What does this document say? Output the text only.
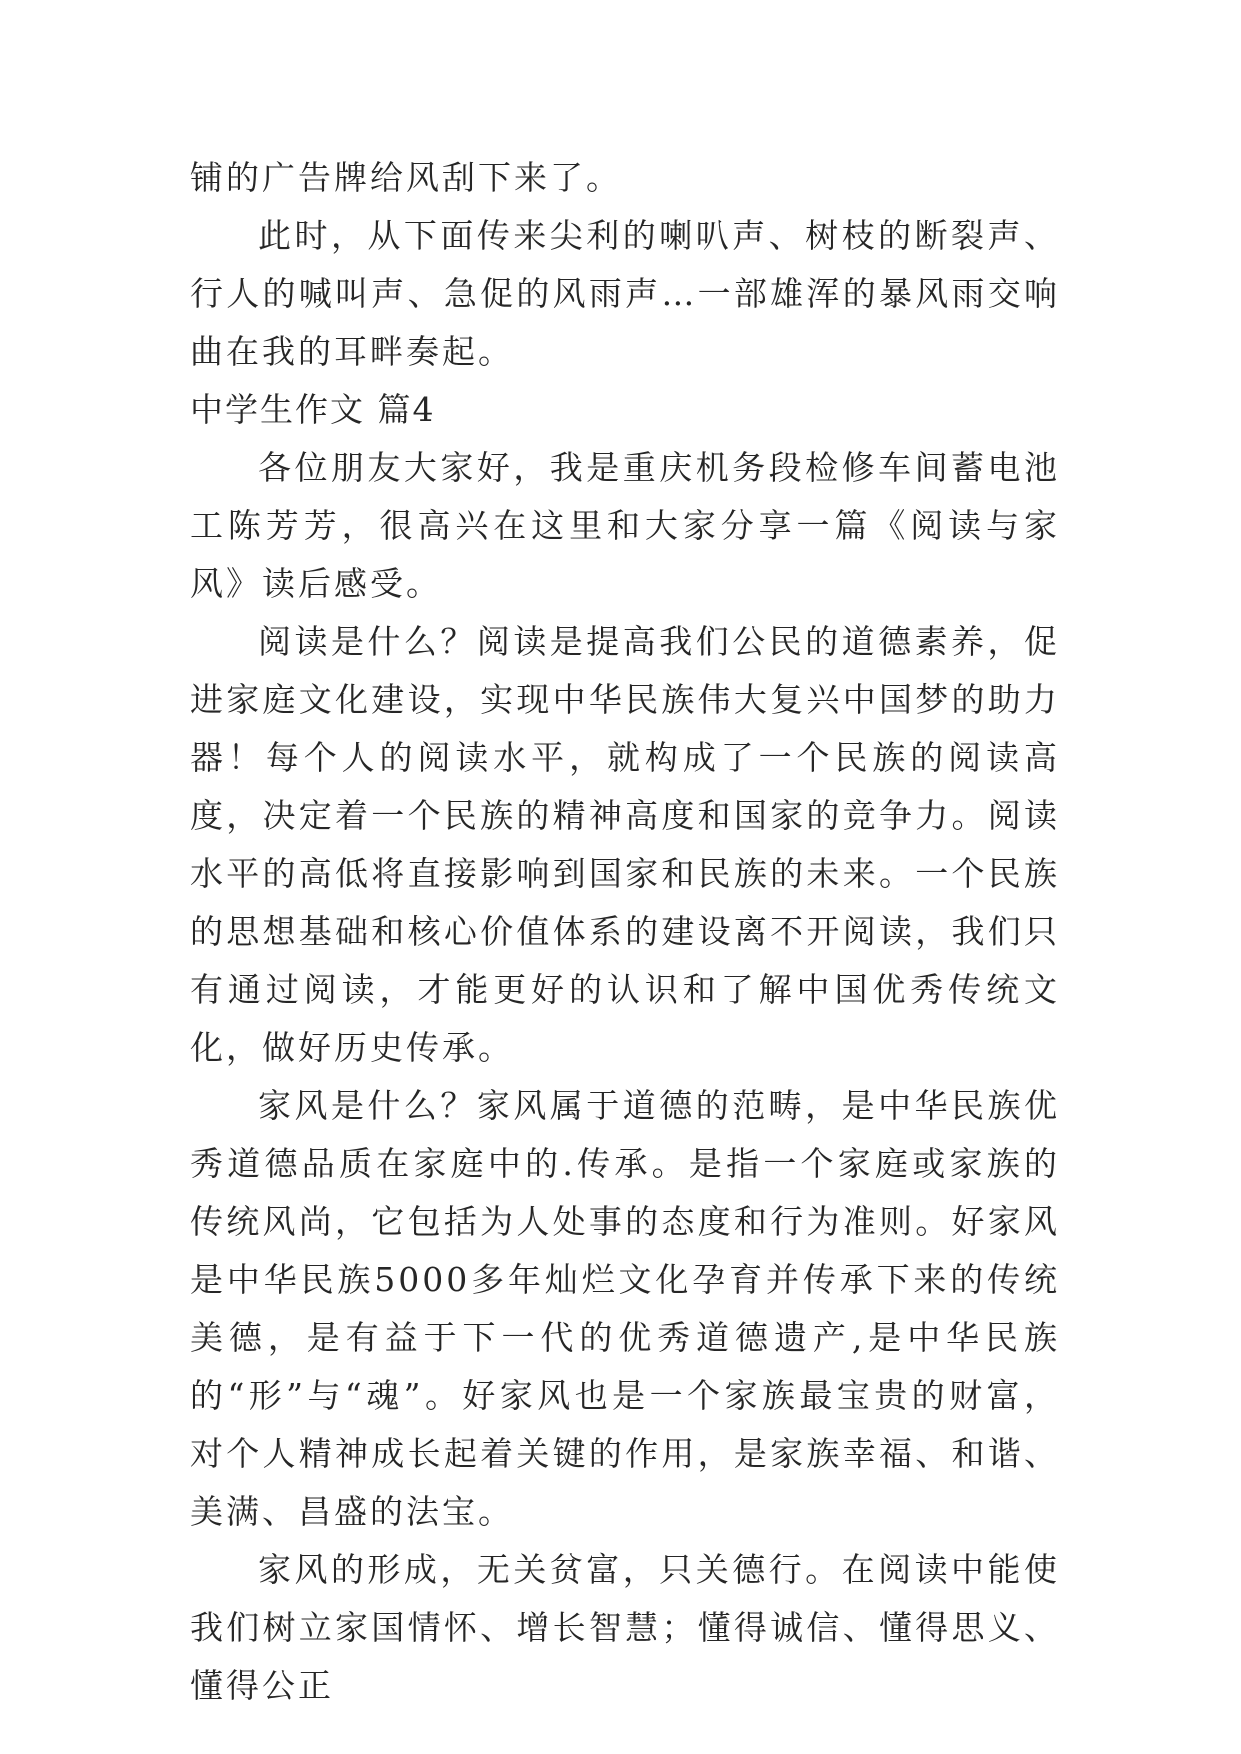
铺的广告牌给风刮下来了。

此时，从下面传来尖利的喇叭声、树枝的断裂声、行人的喊叫声、急促的风雨声…一部雄浑的暴风雨交响曲在我的耳畔奏起。

中学生作文 篇4

各位朋友大家好，我是重庆机务段检修车间蓄电池工陈芳芳，很高兴在这里和大家分享一篇《阅读与家风》读后感受。

阅读是什么？阅读是提高我们公民的道德素养，促进家庭文化建设，实现中华民族伟大复兴中国梦的助力器！每个人的阅读水平，就构成了一个民族的阅读高度，决定着一个民族的精神高度和国家的竞争力。阅读水平的高低将直接影响到国家和民族的未来。一个民族的思想基础和核心价值体系的建设离不开阅读，我们只有通过阅读，才能更好的认识和了解中国优秀传统文化，做好历史传承。

家风是什么？家风属于道德的范畴，是中华民族优秀道德品质在家庭中的.传承。是指一个家庭或家族的传统风尚，它包括为人处事的态度和行为准则。好家风是中华民族5000多年灿烂文化孕育并传承下来的传统美德，是有益于下一代的优秀道德遗产,是中华民族的“形”与“魂”。好家风也是一个家族最宝贵的财富，对个人精神成长起着关键的作用，是家族幸福、和谐、美满、昌盛的法宝。

家风的形成，无关贫富，只关德行。在阅读中能使我们树立家国情怀、增长智慧；懂得诚信、懂得思义、懂得公正
